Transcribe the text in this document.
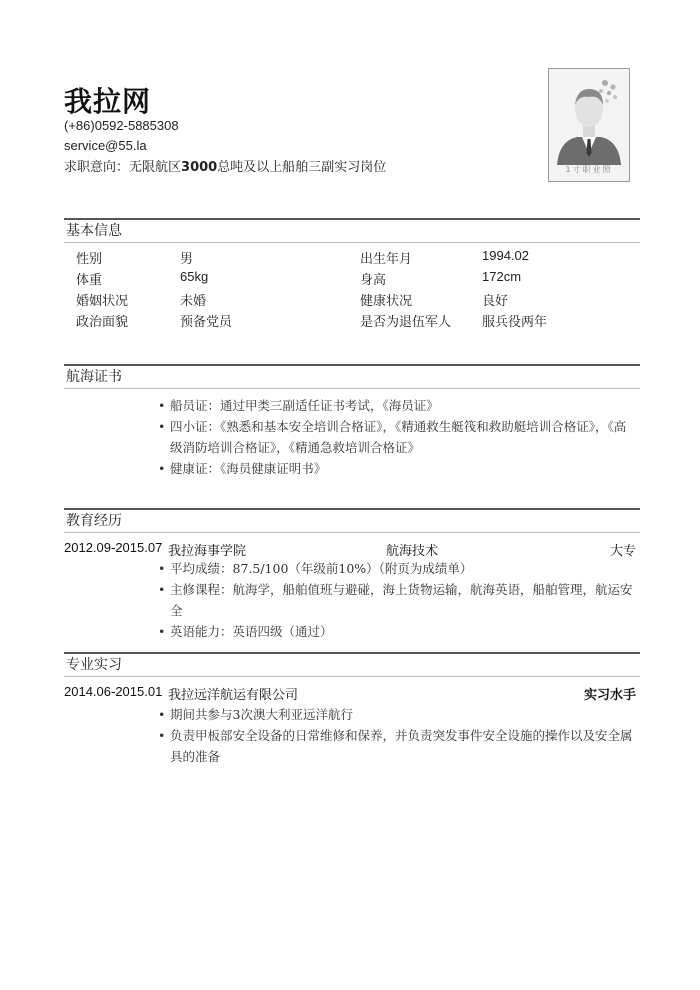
我拉网
(+86)0592-5885308
service@55.la
求职意向：无限航区3000总吨及以上船舶三副实习岗位	1寸职业照
基本信息
性别	男	出生年月	1994.02
体重	65kg	身高	172cm
婚姻状况	未婚	健康状况	良好
政治面貌	预备党员	是否为退伍军人 服兵役两年
航海证书
• 船员证：通过甲类三副适任证书考试，《海员证》
• 四小证：《熟悉和基本安全培训合格证》，《精通救生艇筏和救助艇培训合格证》，《高级消防培训合格证》，《精通急救培训合格证》
• 健康证：《海员健康证明书》
教育经历
2012.09-2015.07 我拉海事学院	航海技术	大专
• 平均成绩：87.5/100（年级前10%）（附页为成绩单）
• 主修课程：航海学，船舶值班与避碰，海上货物运输，航海英语，船舶管理，航运安全
• 英语能力：英语四级（通过）
专业实习
2014.06-2015.01 我拉远洋航运有限公司	实习水手
• 期间共参与3次澳大利亚远洋航行
• 负责甲板部安全设备的日常维修和保养，并负责突发事件安全设施的操作以及安全属具的准备
